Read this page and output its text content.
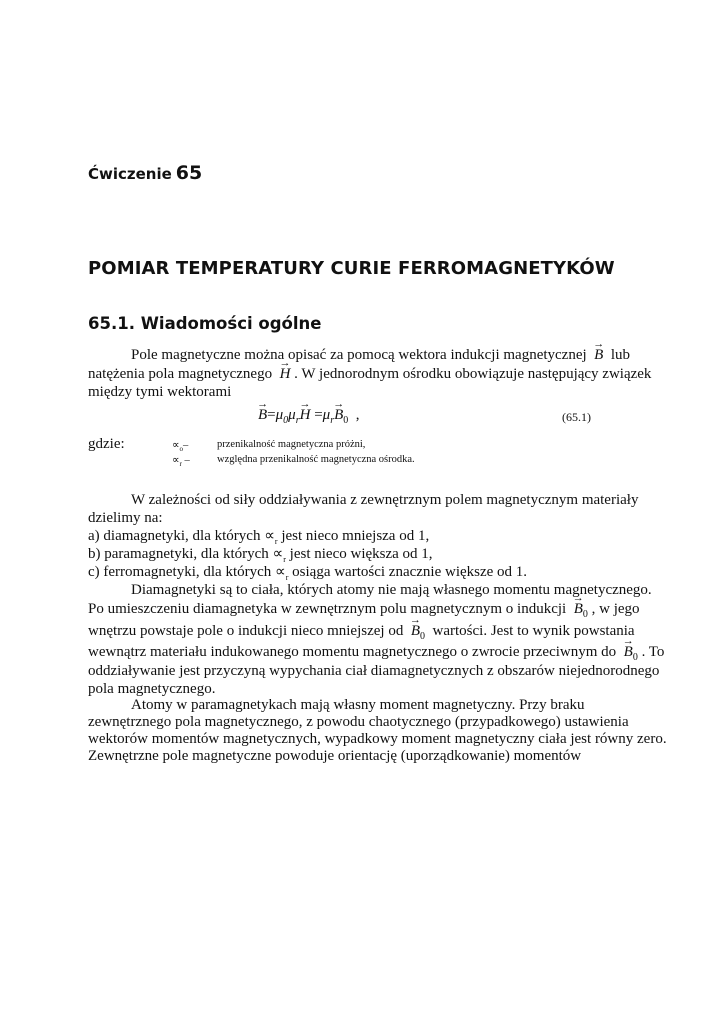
Ćwiczenie 65
POMIAR TEMPERATURY CURIE FERROMAGNETYKÓW
65.1. Wiadomości ogólne
Pole magnetyczne można opisać za pomocą wektora indukcji magnetycznej → B lub
natężenia pola magnetycznego → H . W jednorodnym ośrodku obowiązuje następujący związek
między tymi wektorami
→ $B=\mu_0\mu_r\to H =\mu_r\to B_0$  ,	(65.1)
gdzie:	$\propto_o-$	przenikalność magnetyczna próżni,
$\propto_r$ –	względna przenikalność magnetyczna ośrodka.
W zależności od siły oddziaływania z zewnętrznym polem magnetycznym materiały
dzielimy na:
a) diamagnetyki, dla których $\propto_r$ jest nieco mniejsza od 1,
b) paramagnetyki, dla których $\propto_r$ jest nieco większa od 1,
c) ferromagnetyki, dla których $\propto_r$ osiąga wartości znacznie większe od 1.
Diamagnetyki są to ciała, których atomy nie mają własnego momentu magnetycznego.
Po umieszczeniu diamagnetyka w zewnętrznym polu magnetycznym o indukcji → $B_0$ , w jego
wnętrzu powstaje pole o indukcji nieco mniejszej od → $B_0$ wartości. Jest to wynik powstania
wewnątrz materiału indukowanego momentu magnetycznego o zwrocie przeciwnym do → $B_0$ . To
oddziaływanie jest przyczyną wypychania ciał diamagnetycznych z obszarów niejednorodnego
pola magnetycznego.
Atomy w paramagnetykach mają własny moment magnetyczny. Przy braku
zewnętrznego pola magnetycznego, z powodu chaotycznego (przypadkowego) ustawienia
wektorów momentów magnetycznych, wypadkowy moment magnetyczny ciała jest równy zero.
Zewnętrzne pole magnetyczne powoduje orientację (uporządkowanie) momentów
